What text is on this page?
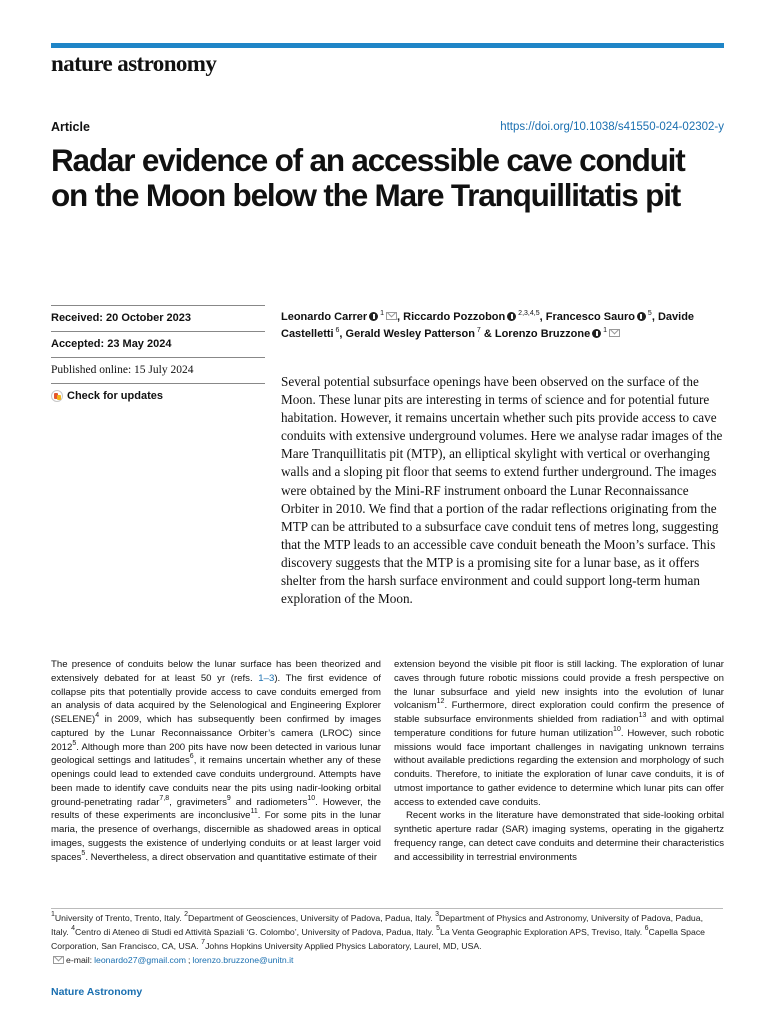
nature astronomy
Article	https://doi.org/10.1038/s41550-024-02302-y
Radar evidence of an accessible cave conduit on the Moon below the Mare Tranquillitatis pit
Received: 20 October 2023
Accepted: 23 May 2024
Published online: 15 July 2024
Check for updates
Leonardo Carrer $^1$ , Riccardo Pozzobon $^{2,3,4,5}$, Francesco Sauro $^5$, Davide Castelletti $^6$, Gerald Wesley Patterson $^7$ & Lorenzo Bruzzone $^1$

Several potential subsurface openings have been observed on the surface of the Moon. These lunar pits are interesting in terms of science and for potential future habitation. However, it remains uncertain whether such pits provide access to cave conduits with extensive underground volumes. Here we analyse radar images of the Mare Tranquillitatis pit (MTP), an elliptical skylight with vertical or overhanging walls and a sloping pit floor that seems to extend further underground. The images were obtained by the Mini-RF instrument onboard the Lunar Reconnaissance Orbiter in 2010. We find that a portion of the radar reflections originating from the MTP can be attributed to a subsurface cave conduit tens of metres long, suggesting that the MTP leads to an accessible cave conduit beneath the Moon’s surface. This discovery suggests that the MTP is a promising site for a lunar base, as it offers shelter from the harsh surface environment and could support long-term human exploration of the Moon.

The presence of conduits below the lunar surface has been theorized and extensively debated for at least 50 yr (refs. 1–3). The first evidence of collapse pits that potentially provide access to cave conduits emerged from an analysis of data acquired by the Selenological and Engineering Explorer (SELENE)$^4$ in 2009, which has subsequently been confirmed by images captured by the Lunar Reconnaissance Orbiter’s camera (LROC) since 2012$^5$. Although more than 200 pits have now been detected in various lunar geological settings and latitudes$^6$, it remains uncertain whether any of these openings could lead to extended cave conduits underground. Attempts have been made to identify cave conduits near the pits using nadir-looking orbital ground-penetrating radar$^{7,8}$, gravimeters$^9$ and radiometers$^{10}$. However, the results of these experiments are inconclusive$^{11}$. For some pits in the lunar maria, the presence of overhangs, discernible as shadowed areas in optical images, suggests the existence of underlying conduits or at least larger void spaces$^5$. Nevertheless, a direct observation and quantitative estimate of their

extension beyond the visible pit floor is still lacking. The exploration of lunar caves through future robotic missions could provide a fresh perspective on the lunar subsurface and yield new insights into the evolution of lunar volcanism$^{12}$. Furthermore, direct exploration could confirm the presence of stable subsurface environments shielded from radiation$^{13}$ and with optimal temperature conditions for future human utilization$^{10}$. However, such robotic missions would face important challenges in navigating unknown terrains without available predictions regarding the extension and morphology of such conduits. Therefore, to initiate the exploration of lunar cave conduits, it is of utmost importance to gather evidence to determine which lunar pits can offer access to extended cave conduits.

Recent works in the literature have demonstrated that side-looking orbital synthetic aperture radar (SAR) imaging systems, operating in the gigahertz frequency range, can detect cave conduits and determine their characteristics and accessibility in terrestrial environments

$^1$University of Trento, Trento, Italy. $^2$Department of Geosciences, University of Padova, Padua, Italy. $^3$Department of Physics and Astronomy, University of Padova, Padua, Italy. $^4$Centro di Ateneo di Studi ed Attività Spaziali ‘G. Colombo’, University of Padova, Padua, Italy. $^5$La Venta Geographic Exploration APS, Treviso, Italy. $^6$Capella Space Corporation, San Francisco, CA, USA. $^7$Johns Hopkins University Applied Physics Laboratory, Laurel, MD, USA.
e-mail: leonardo27@gmail.com ; lorenzo.bruzzone@unitn.it
Nature Astronomy
